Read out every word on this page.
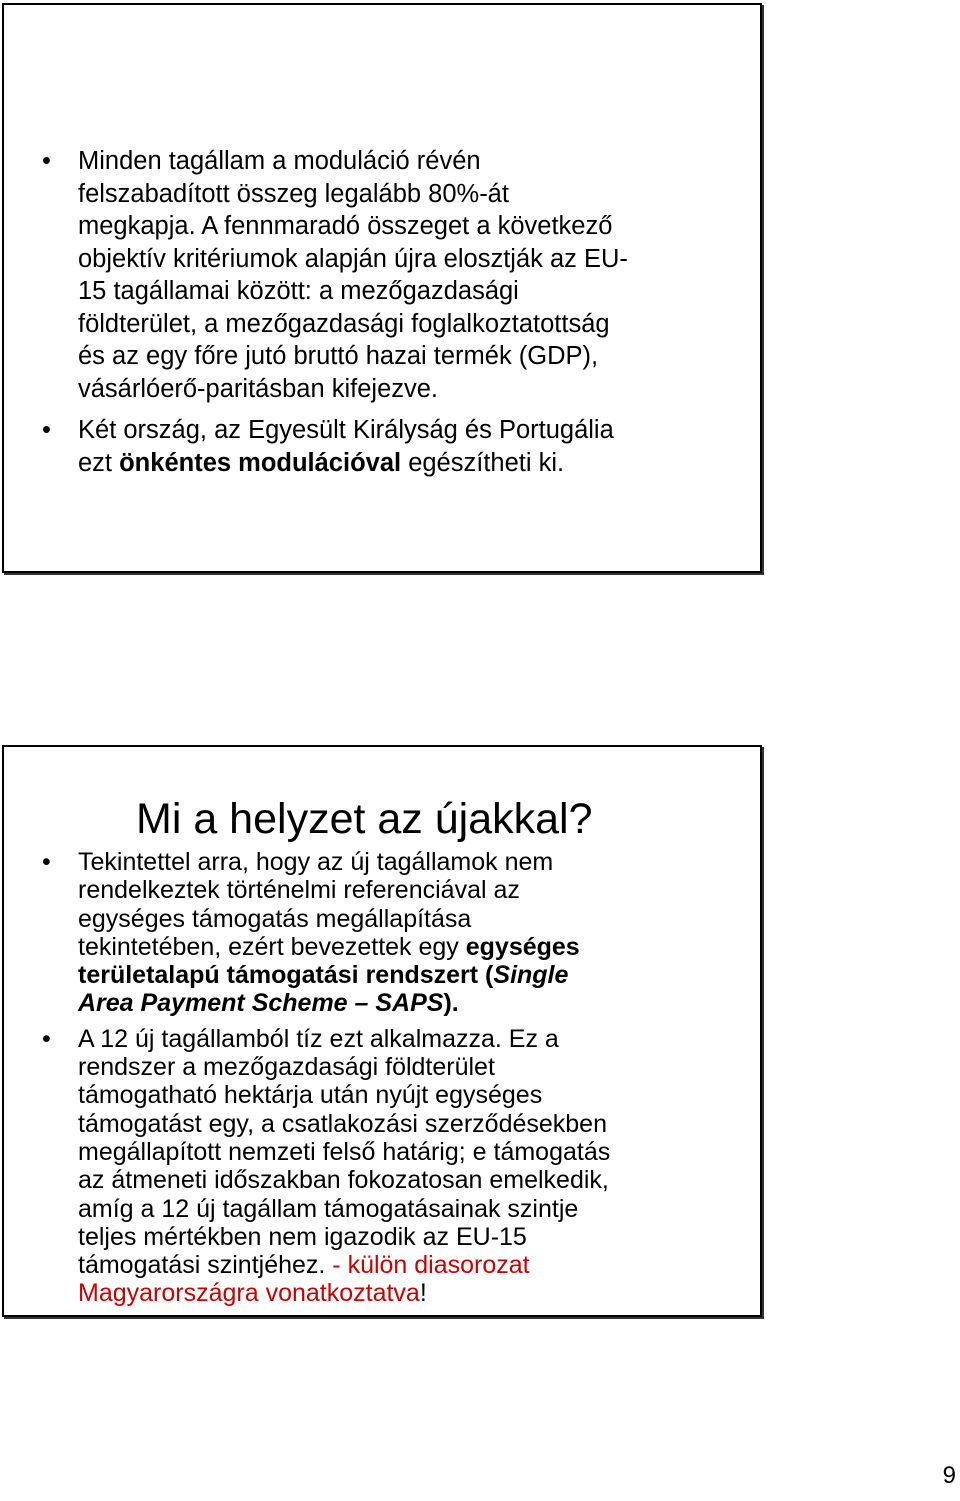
• Minden tagállam a moduláció révén
felszabadított összeg legalább 80%-át
megkapja. A fennmaradó összeget a következő
objektív kritériumok alapján újra elosztják az EU-
15 tagállamai között: a mezőgazdasági
földterület, a mezőgazdasági foglalkoztatottság
és az egy főre jutó bruttó hazai termék (GDP),
vásárlóerő-paritásban kifejezve.
• Két ország, az Egyesült Királyság és Portugália
ezt önkéntes modulációval egészítheti ki.
Mi a helyzet az újakkal?
• Tekintettel arra, hogy az új tagállamok nem
rendelkeztek történelmi referenciával az
egységes támogatás megállapítása
tekintetében, ezért bevezettek egy egységes
területalapú támogatási rendszert (Single
Area Payment Scheme – SAPS).
• A 12 új tagállamból tíz ezt alkalmazza. Ez a
rendszer a mezőgazdasági földterület
támogatható hektárja után nyújt egységes
támogatást egy, a csatlakozási szerződésekben
megállapított nemzeti felső határig; e támogatás
az átmeneti időszakban fokozatosan emelkedik,
amíg a 12 új tagállam támogatásainak szintje
teljes mértékben nem igazodik az EU-15
támogatási szintjéhez. - külön diasorozat
Magyarországra vonatkoztatva!
9
